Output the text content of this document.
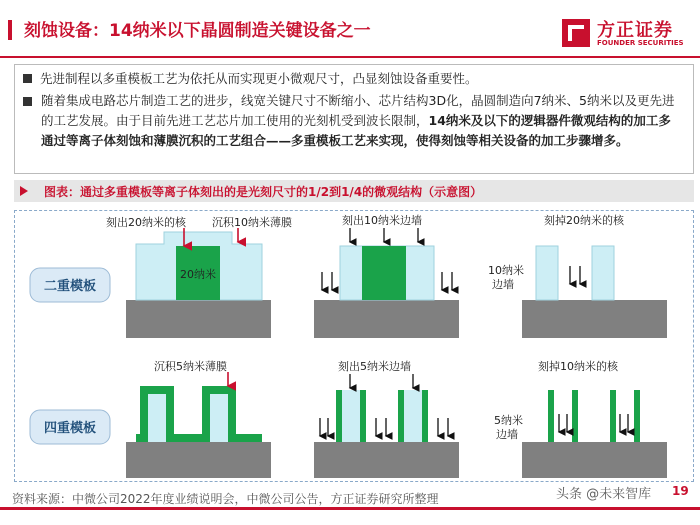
刻蚀设备：14纳米以下晶圆制造关键设备之一	方正证券
FOUNDER SECURITIES
先进制程以多重模板工艺为依托从而实现更小微观尺寸，凸显刻蚀设备重要性。
随着集成电路芯片制造工艺的进步，线宽关键尺寸不断缩小、芯片结构3D化，晶圆制造向7纳米、5纳米以及更先进的工艺发展。由于目前先进工艺芯片加工使用的光刻机受到波长限制，14纳米及以下的逻辑器件微观结构的加工多通过等离子体刻蚀和薄膜沉积的工艺组合——多重模板工艺来实现，使得刻蚀等相关设备的加工步骤增多。
图表：通过多重模板等离子体刻出的是光刻尺寸的1/2到1/4的微观结构（示意图）
二重模板
四重模板
20纳米
刻出20纳米的核 沉积10纳米薄膜	刻出10纳米边墙	刻掉20纳米的核
10纳米
边墙
沉积5纳米薄膜	刻出5纳米边墙	刻掉10纳米的核
5纳米
边墙
资料来源：中微公司2022年度业绩说明会，中微公司公告，方正证券研究所整理	头条 @未来智库 19
